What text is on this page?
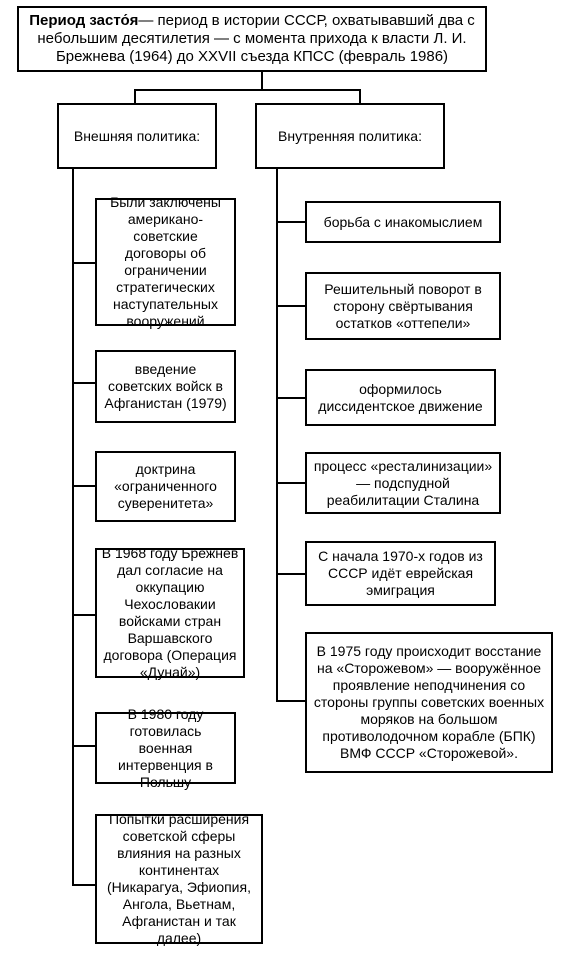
Период засто́я— период в истории СССР, охватывавший два с небольшим десятилетия — с момента прихода к власти Л. И. Брежнева (1964) до XXVII съезда КПСС (февраль 1986)
Внешняя политика:	Внутренняя политика:
Были заключены американо-советские договоры об ограничении стратегических наступательных вооружений
введение советских войск в Афганистан (1979)
доктрина «ограниченного суверенитета»
В 1968 году Брежнев дал согласие на оккупацию Чехословакии войсками стран Варшавского договора (Операция «Дунай»)
В 1980 году готовилась военная интервенция в Польшу
Попытки расширения советской сферы влияния на разных континентах (Никарагуа, Эфиопия, Ангола, Вьетнам, Афганистан и так далее)
борьба с инакомыслием
Решительный поворот в сторону свёртывания остатков «оттепели»
оформилось диссидентское движение
процесс «ресталинизации» — подспудной реабилитации Сталина
С начала 1970-х годов из СССР идёт еврейская эмиграция
В 1975 году происходит восстание на «Сторожевом» — вооружённое проявление неподчинения со стороны группы советских военных моряков на большом противолодочном корабле (БПК) ВМФ СССР «Сторожевой».
